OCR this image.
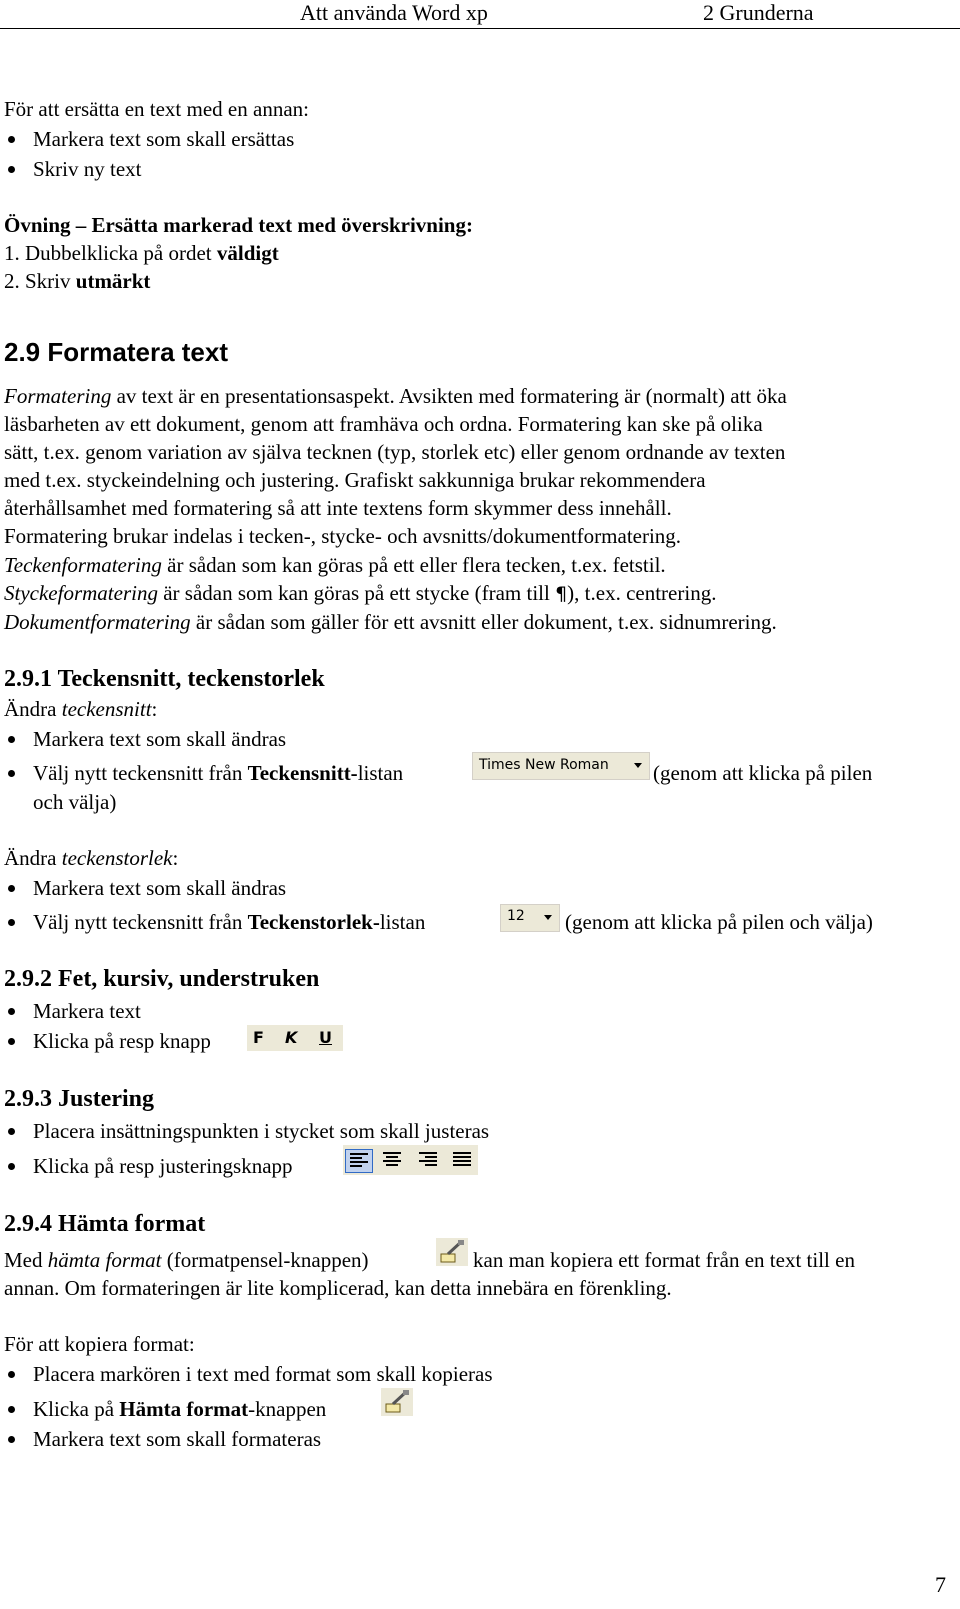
Att använda Word xp	2 Grunderna
För att ersätta en text med en annan:
Markera text som skall ersättas
Skriv ny text
Övning – Ersätta markerad text med överskrivning:
1. Dubbelklicka på ordet väldigt
2. Skriv utmärkt
2.9 Formatera text
Formatering av text är en presentationsaspekt. Avsikten med formatering är (normalt) att öka
läsbarheten av ett dokument, genom att framhäva och ordna. Formatering kan ske på olika
sätt, t.ex. genom variation av själva tecknen (typ, storlek etc) eller genom ordnande av texten
med t.ex. styckeindelning och justering. Grafiskt sakkunniga brukar rekommendera
återhållsamhet med formatering så att inte textens form skymmer dess innehåll.
Formatering brukar indelas i tecken-, stycke- och avsnitts/dokumentformatering.
Teckenformatering är sådan som kan göras på ett eller flera tecken, t.ex. fetstil.
Styckeformatering är sådan som kan göras på ett stycke (fram till ¶), t.ex. centrering.
Dokumentformatering är sådan som gäller för ett avsnitt eller dokument, t.ex. sidnumrering.
2.9.1 Teckensnitt, teckenstorlek
Ändra teckensnitt:
Markera text som skall ändras
Välj nytt teckensnitt från Teckensnitt-listan	Times New Roman (genom att klicka på pilen
och välja)
Ändra teckenstorlek:
Markera text som skall ändras
Välj nytt teckensnitt från Teckenstorlek-listan	12 (genom att klicka på pilen och välja)
2.9.2 Fet, kursiv, understruken
Markera text
Klicka på resp knapp	F K U
2.9.3 Justering
Placera insättningspunkten i stycket som skall justeras
Klicka på resp justeringsknapp
2.9.4 Hämta format
Med hämta format (formatpensel-knappen)	kan man kopiera ett format från en text till en
annan. Om formateringen är lite komplicerad, kan detta innebära en förenkling.
För att kopiera format:
Placera markören i text med format som skall kopieras
Klicka på Hämta format-knappen
Markera text som skall formateras
7
